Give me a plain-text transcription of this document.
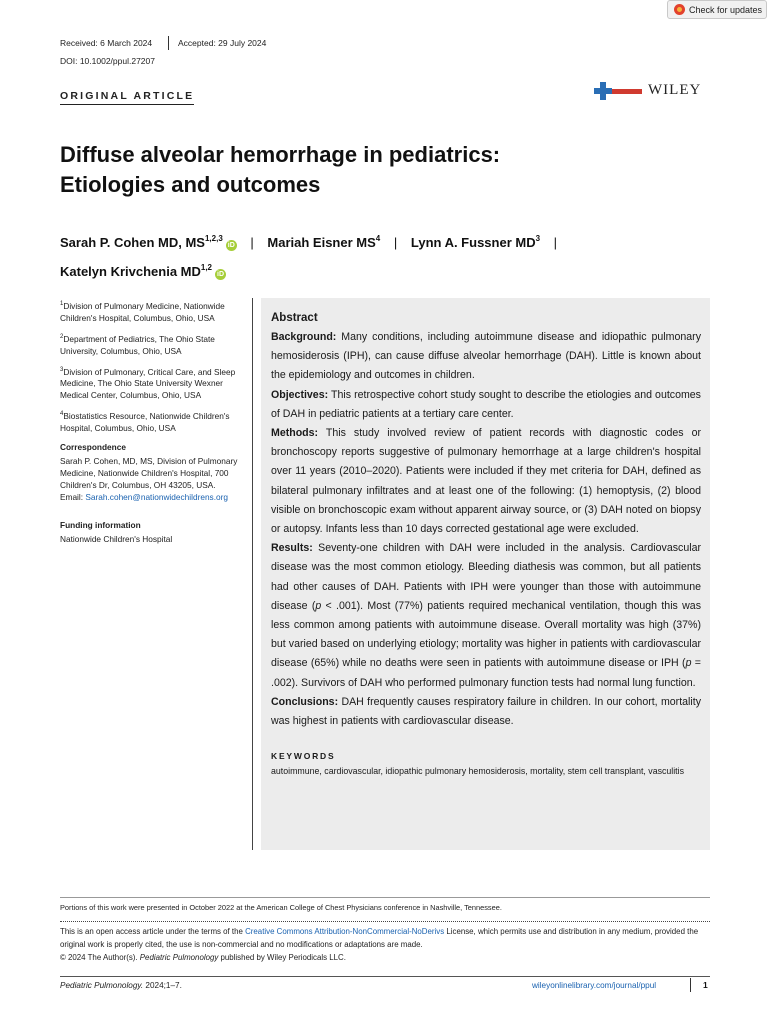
Check for updates
Received: 6 March 2024	Accepted: 29 July 2024
DOI: 10.1002/ppul.27207
ORIGINAL ARTICLE	WILEY
Diffuse alveolar hemorrhage in pediatrics:
Etiologies and outcomes
Sarah P. Cohen MD, MS$^{1,2,3}$iD | Mariah Eisner $MS^4$ | Lynn A. Fussner $MD^3$ |
Katelyn Krivchenia MD$^{1,2}$iD

$^1$Division of Pulmonary Medicine, Nationwide Children's Hospital, Columbus, Ohio, USA

$^2$Department of Pediatrics, The Ohio State University, Columbus, Ohio, USA

$^3$Division of Pulmonary, Critical Care, and Sleep Medicine, The Ohio State University Wexner Medical Center, Columbus, Ohio, USA

$^4$Biostatistics Resource, Nationwide Children's Hospital, Columbus, Ohio, USA

Correspondence

Sarah P. Cohen, MD, MS, Division of Pulmonary Medicine, Nationwide Children's Hospital, 700 Children's Dr, Columbus, OH 43205, USA.
Email: Sarah.cohen@nationwidechildrens.org

Funding information

Nationwide Children's Hospital

Abstract

Background: Many conditions, including autoimmune disease and idiopathic pulmonary hemosiderosis (IPH), can cause diffuse alveolar hemorrhage (DAH). Little is known about the epidemiology and outcomes in children.

Objectives: This retrospective cohort study sought to describe the etiologies and outcomes of DAH in pediatric patients at a tertiary care center.

Methods: This study involved review of patient records with diagnostic codes or bronchoscopy reports suggestive of pulmonary hemorrhage at a large children's hospital over 11 years (2010–2020). Patients were included if they met criteria for DAH, defined as bilateral pulmonary infiltrates and at least one of the following: (1) hemoptysis, (2) blood visible on bronchoscopic exam without apparent airway source, or (3) DAH noted on biopsy or autopsy. Infants less than 10 days corrected gestational age were excluded.

Results: Seventy-one children with DAH were included in the analysis. Cardiovascular disease was the most common etiology. Bleeding diathesis was common, but all patients had other causes of DAH. Patients with IPH were younger than those with autoimmune disease (p < .001). Most (77%) patients required mechanical ventilation, though this was less common among patients with autoimmune disease. Overall mortality was high (37%) but varied based on underlying etiology; mortality was higher in patients with cardiovascular disease (65%) while no deaths were seen in patients with autoimmune disease or IPH (p = .002). Survivors of DAH who performed pulmonary function tests had normal lung function.

Conclusions: DAH frequently causes respiratory failure in children. In our cohort, mortality was highest in patients with cardiovascular disease.

KEYWORDS
autoimmune, cardiovascular, idiopathic pulmonary hemosiderosis, mortality, stem cell transplant, vasculitis
Portions of this work were presented in October 2022 at the American College of Chest Physicians conference in Nashville, Tennessee.
This is an open access article under the terms of the Creative Commons Attribution-NonCommercial-NoDerivs License, which permits use and distribution in any medium, provided the original work is properly cited, the use is non-commercial and no modifications or adaptations are made.
© 2024 The Author(s). Pediatric Pulmonology published by Wiley Periodicals LLC.
Pediatric Pulmonology. 2024;1–7.	wileyonlinelibrary.com/journal/ppul	1
